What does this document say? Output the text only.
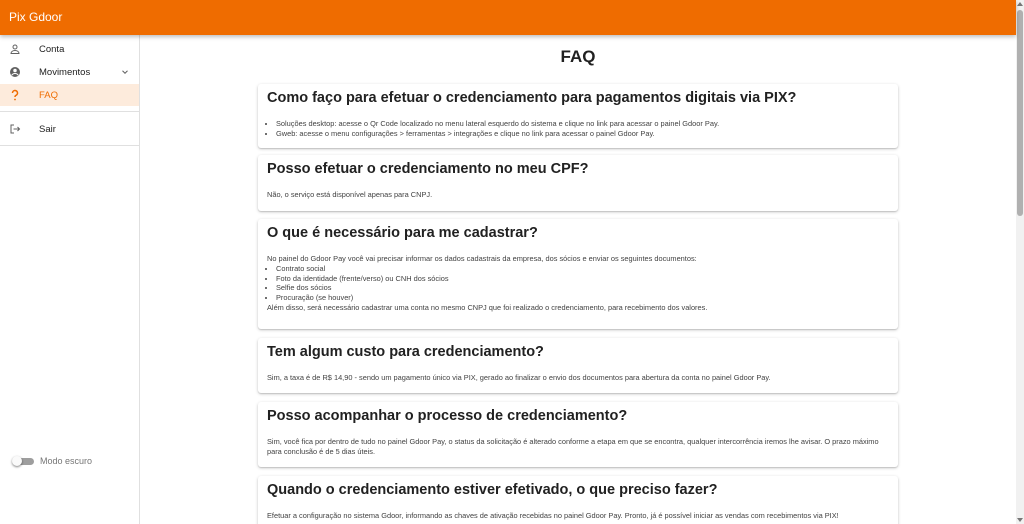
Pix Gdoor
Conta
Movimentos
FAQ
Sair
Modo escuro
FAQ
Como faço para efetuar o credenciamento para pagamentos digitais via PIX?
• Soluções desktop: acesse o Qr Code localizado no menu lateral esquerdo do sistema e clique no link para acessar o painel Gdoor Pay.
• Gweb: acesse o menu configurações > ferramentas > integrações e clique no link para acessar o painel Gdoor Pay.
Posso efetuar o credenciamento no meu CPF?

Não, o serviço está disponível apenas para CNPJ.

O que é necessário para me cadastrar?

No painel do Gdoor Pay você vai precisar informar os dados cadastrais da empresa, dos sócios e enviar os seguintes documentos:

• Contrato social
• Foto da identidade (frente/verso) ou CNH dos sócios
• Selfie dos sócios
• Procuração (se houver)

Além disso, será necessário cadastrar uma conta no mesmo CNPJ que foi realizado o credenciamento, para recebimento dos valores.

Tem algum custo para credenciamento?

Sim, a taxa é de R$ 14,90 - sendo um pagamento único via PIX, gerado ao finalizar o envio dos documentos para abertura da conta no painel Gdoor Pay.

Posso acompanhar o processo de credenciamento?

Sim, você fica por dentro de tudo no painel Gdoor Pay, o status da solicitação é alterado conforme a etapa em que se encontra, qualquer intercorrência iremos lhe avisar. O prazo máximo para conclusão é de 5 dias úteis.

Quando o credenciamento estiver efetivado, o que preciso fazer?

Efetuar a configuração no sistema Gdoor, informando as chaves de ativação recebidas no painel Gdoor Pay. Pronto, já é possível iniciar as vendas com recebimentos via PIX!
